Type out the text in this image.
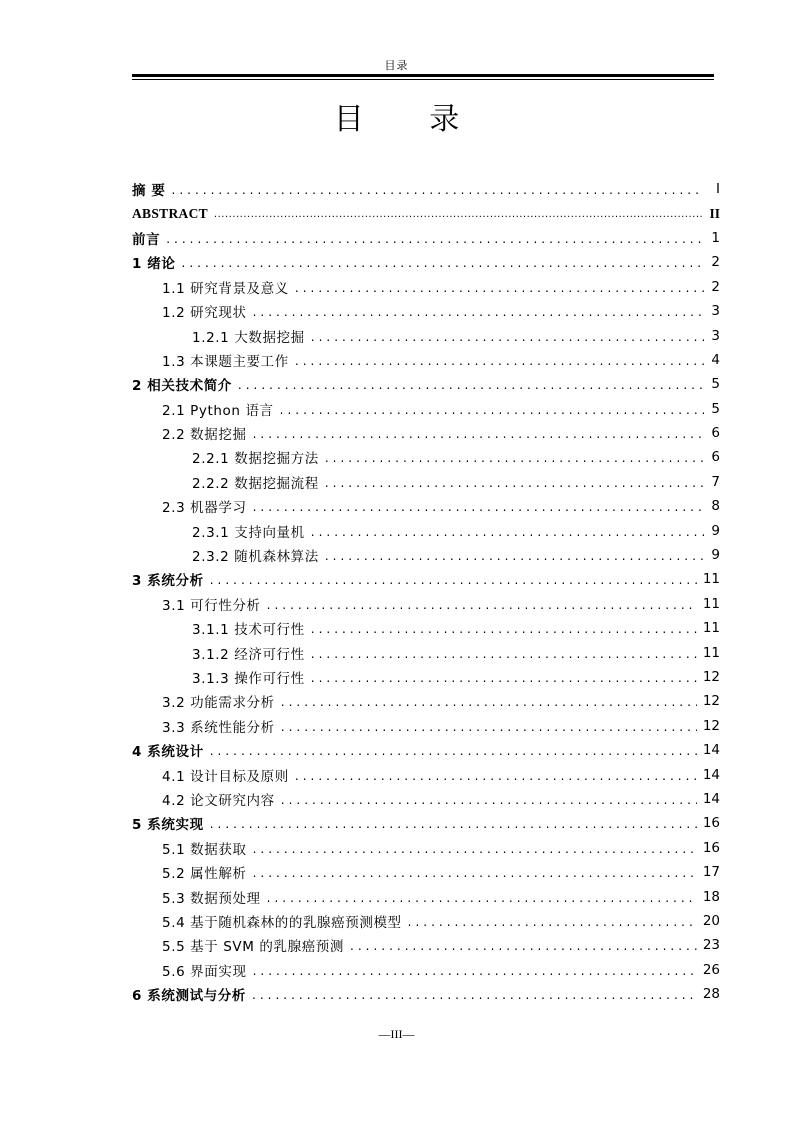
目录
目 录
摘 要 .....	I
ABSTRACT .....	II
前言 .....	1
1 绪论 .....	2
1.1 研究背景及意义 .....	2
1.2 研究现状 .....	3
1.2.1 大数据挖掘 .....	3
1.3 本课题主要工作 .....	4
2 相关技术简介 .....	5
2.1 Python 语言 .....	5
2.2 数据挖掘 .....	6
2.2.1 数据挖掘方法 .....	6
2.2.2 数据挖掘流程 .....	7
2.3 机器学习 .....	8
2.3.1 支持向量机 .....	9
2.3.2 随机森林算法 .....	9
3 系统分析 .....	11
3.1 可行性分析 .....	11
3.1.1 技术可行性 .....	11
3.1.2 经济可行性 .....	11
3.1.3 操作可行性 .....	12
3.2 功能需求分析 .....	12
3.3 系统性能分析 .....	12
4 系统设计 .....	14
4.1 设计目标及原则 .....	14
4.2 论文研究内容 .....	14
5 系统实现 .....	16
5.1 数据获取 .....	16
5.2 属性解析 .....	17
5.3 数据预处理 .....	18
5.4 基于随机森林的的乳腺癌预测模型 .....	20
5.5 基于 SVM 的乳腺癌预测 .....	23
5.6 界面实现 .....	26
6 系统测试与分析 .....	28
—III—
